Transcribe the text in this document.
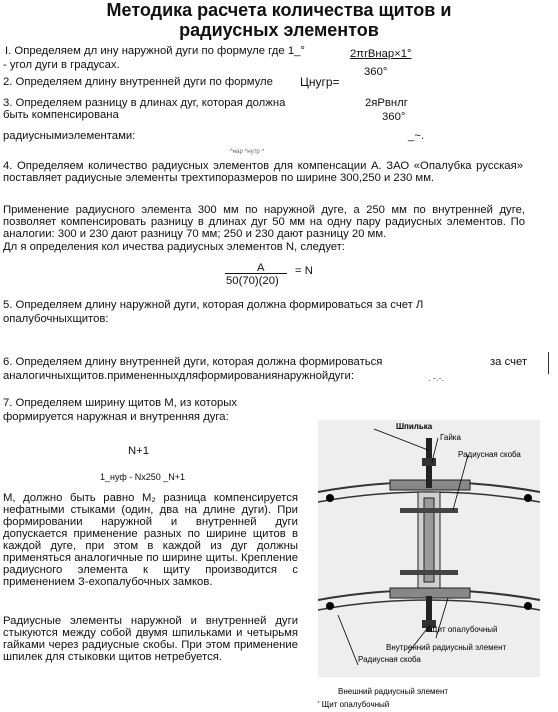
Методика расчета количества щитов и
радиусных элементов
I. Определяем дл ину наружной дуги по формуле где 1_°	2πrВнар×1°
- угол дуги в градусах.
360°
2. Определяем длину внутренней дуги по формуле Цнугр=
3. Определяем разницу в длинах дуг, которая должна	2яРвнлг
быть компенсирована	360°
радиуснымиэлементами:
^нар ^нутр ^
_~.
4. Определяем количество радиусных элементов для компенсации А. ЗАО «Опалубка русская» поставляет радиусные элементы трехтипоразмеров по ширине 300,250 и 230 мм.
Применение радиусного элемента 300 мм по наружной дуге, а 250 мм по внутренней дуге, позволяет компенсировать разницу в длинах дуг 50 мм на одну пару радиусных элементов. По аналогии: 300 и 230 дают разницу 70 мм; 250 и 230 дают разницу 20 мм.
Дл я определения кол ичества радиусных элементов N, следует:
А
50(70)(20)
= N
5. Определяем длину наружной дуги, которая должна формироваться за счет Л
опалубочныхщитов:
6. Определяем длину внутренней дуги, которая должна формироваться	за счет
аналогичныхщитов.примененныхдляформированиянаружнойдуги:	. -.-.
7. Определяем ширину щитов М, из которых
формируется наружная и внутренняя дуга:
N+1
1_нуф - Nx250 _N+1
М, должно быть равно М₂ разница компенсируется нефатными стыками (один, два на длине дуги). При формировании наружной и внутренней дуги допускается применение разных по ширине щитов в каждой дуге, при этом в каждой из дуг должны применяться аналогичные по ширине щиты. Крепление радиусного элемента к щиту производится с применением З-ехопалубочных замков.
Радиусные элементы наружной и внутренней дуги стыкуются между собой двумя шпильками и четырьмя гайками через радиусные скобы. При этом применение шпилек для стыковки щитов нетребуется.
Шпилька
Гайка
Радиусная скоба
Щит опалубочный
Внутренний радиусный элемент
Радиусная скоба
Внешний радиусный элемент
' Щит опалубочный
